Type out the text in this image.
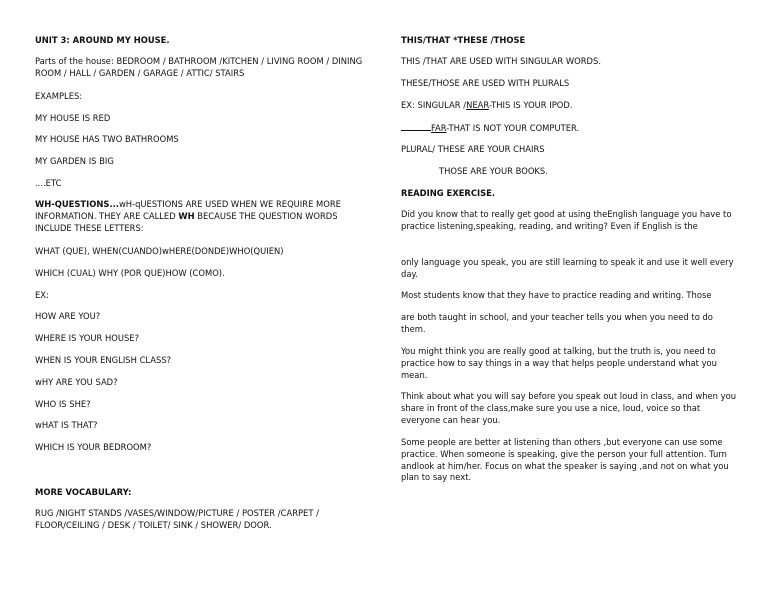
UNIT 3: AROUND MY HOUSE.

Parts of the house: BEDROOM / BATHROOM /KITCHEN / LIVING ROOM / DINING ROOM / HALL / GARDEN / GARAGE / ATTIC/ STAIRS

EXAMPLES:

MY HOUSE IS RED

MY HOUSE HAS TWO BATHROOMS

MY GARDEN IS BIG

....ETC

WH-QUESTIONS...wH-qUESTIONS ARE USED WHEN WE REQUIRE MORE INFORMATION. THEY ARE CALLED WH BECAUSE THE QUESTION WORDS INCLUDE THESE LETTERS:

WHAT (QUE), WHEN(CUANDO)wHERE(DONDE)WHO(QUIEN)

WHICH (CUAL) WHY (POR QUE)HOW (COMO).

EX:

HOW ARE YOU?

WHERE IS YOUR HOUSE?

WHEN IS YOUR ENGLISH CLASS?

wHY ARE YOU SAD?

WHO IS SHE?

wHAT IS THAT?

WHICH IS YOUR BEDROOM?

MORE VOCABULARY:

RUG /NIGHT STANDS /VASES/WINDOW/PICTURE / POSTER /CARPET / FLOOR/CEILING / DESK / TOILET/ SINK / SHOWER/ DOOR.

THIS/THAT *THESE /THOSE

THIS /THAT ARE USED WITH SINGULAR WORDS.

THESE/THOSE ARE USED WITH PLURALS

EX: SINGULAR /NEAR-THIS IS YOUR IPOD.

FAR-THAT IS NOT YOUR COMPUTER.

PLURAL/ THESE ARE YOUR CHAIRS

THOSE ARE YOUR BOOKS.

READING EXERCISE.

Did you know that to really get good at using theEnglish language you have to practice listening,speaking, reading, and writing? Even if English is the

only language you speak, you are still learning to speak it and use it well every day.

Most students know that they have to practice reading and writing. Those

are both taught in school, and your teacher tells you when you need to do them.

You might think you are really good at talking, but the truth is, you need to practice how to say things in a way that helps people understand what you mean.

Think about what you will say before you speak out loud in class, and when you share in front of the class,make sure you use a nice, loud, voice so that everyone can hear you.

Some people are better at listening than others ,but everyone can use some practice. When someone is speaking, give the person your full attention. Turn andlook at him/her. Focus on what the speaker is saying ,and not on what you plan to say next.
